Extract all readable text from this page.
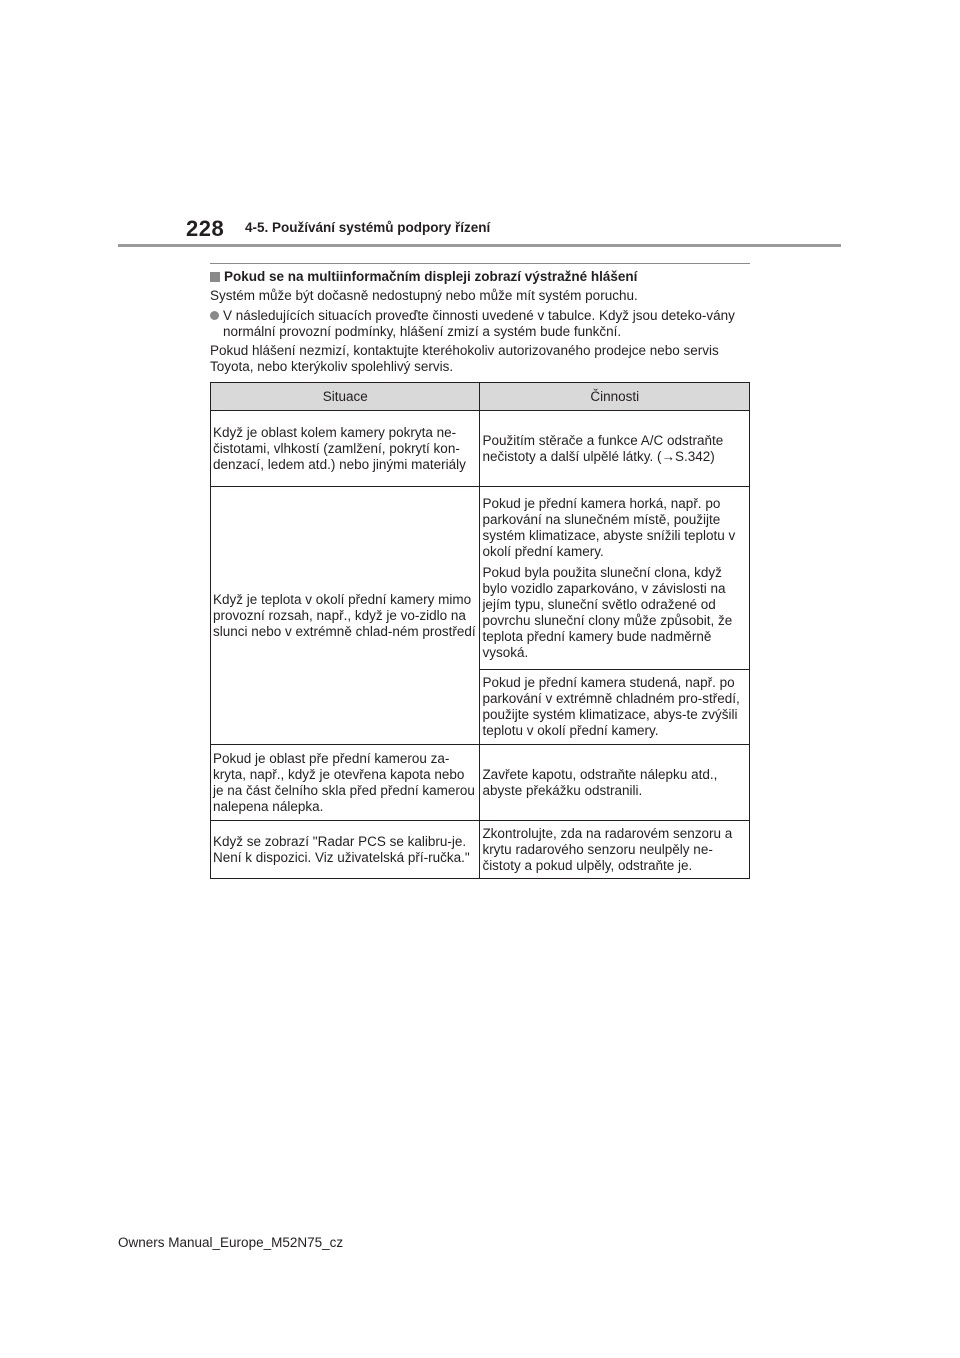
228 4-5. Používání systémů podpory řízení
Pokud se na multiinformačním displeji zobrazí výstražné hlášení
Systém může být dočasně nedostupný nebo může mít systém poruchu.
V následujících situacích proveďte činnosti uvedené v tabulce. Když jsou deteko-vány normální provozní podmínky, hlášení zmizí a systém bude funkční.
Pokud hlášení nezmizí, kontaktujte kteréhokoliv autorizovaného prodejce nebo servis Toyota, nebo kterýkoliv spolehlivý servis.
Situace	Činnosti
Když je oblast kolem kamery pokryta ne-čistotami, vlhkostí (zamlžení, pokrytí kon-denzací, ledem atd.) nebo jinými materiály	Použitím stěrače a funkce A/C odstraňte nečistoty a další ulpělé látky. (→S.342)
Když je teplota v okolí přední kamery mimo provozní rozsah, např., když je vo-zidlo na slunci nebo v extrémně chlad-ném prostředí	Pokud je přední kamera horká, např. po parkování na slunečném místě, použijte systém klimatizace, abyste snížili teplotu v okolí přední kamery.
Pokud byla použita sluneční clona, když bylo vozidlo zaparkováno, v závislosti na jejím typu, sluneční světlo odražené od povrchu sluneční clony může způsobit, že teplota přední kamery bude nadměrně vysoká.

	Pokud je přední kamera studená, např. po parkování v extrémně chladném pro-středí, použijte systém klimatizace, abys-te zvýšili teplotu v okolí přední kamery.
Pokud je oblast pře přední kamerou za-kryta, např., když je otevřena kapota nebo je na část čelního skla před přední kamerou nalepena nálepka.	Zavřete kapotu, odstraňte nálepku atd., abyste překážku odstranili.
Když se zobrazí "Radar PCS se kalibru-je. Není k dispozici. Viz uživatelská pří-ručka."	Zkontrolujte, zda na radarovém senzoru a krytu radarového senzoru neulpěly ne-čistoty a pokud ulpěly, odstraňte je.
Owners Manual_Europe_M52N75_cz
